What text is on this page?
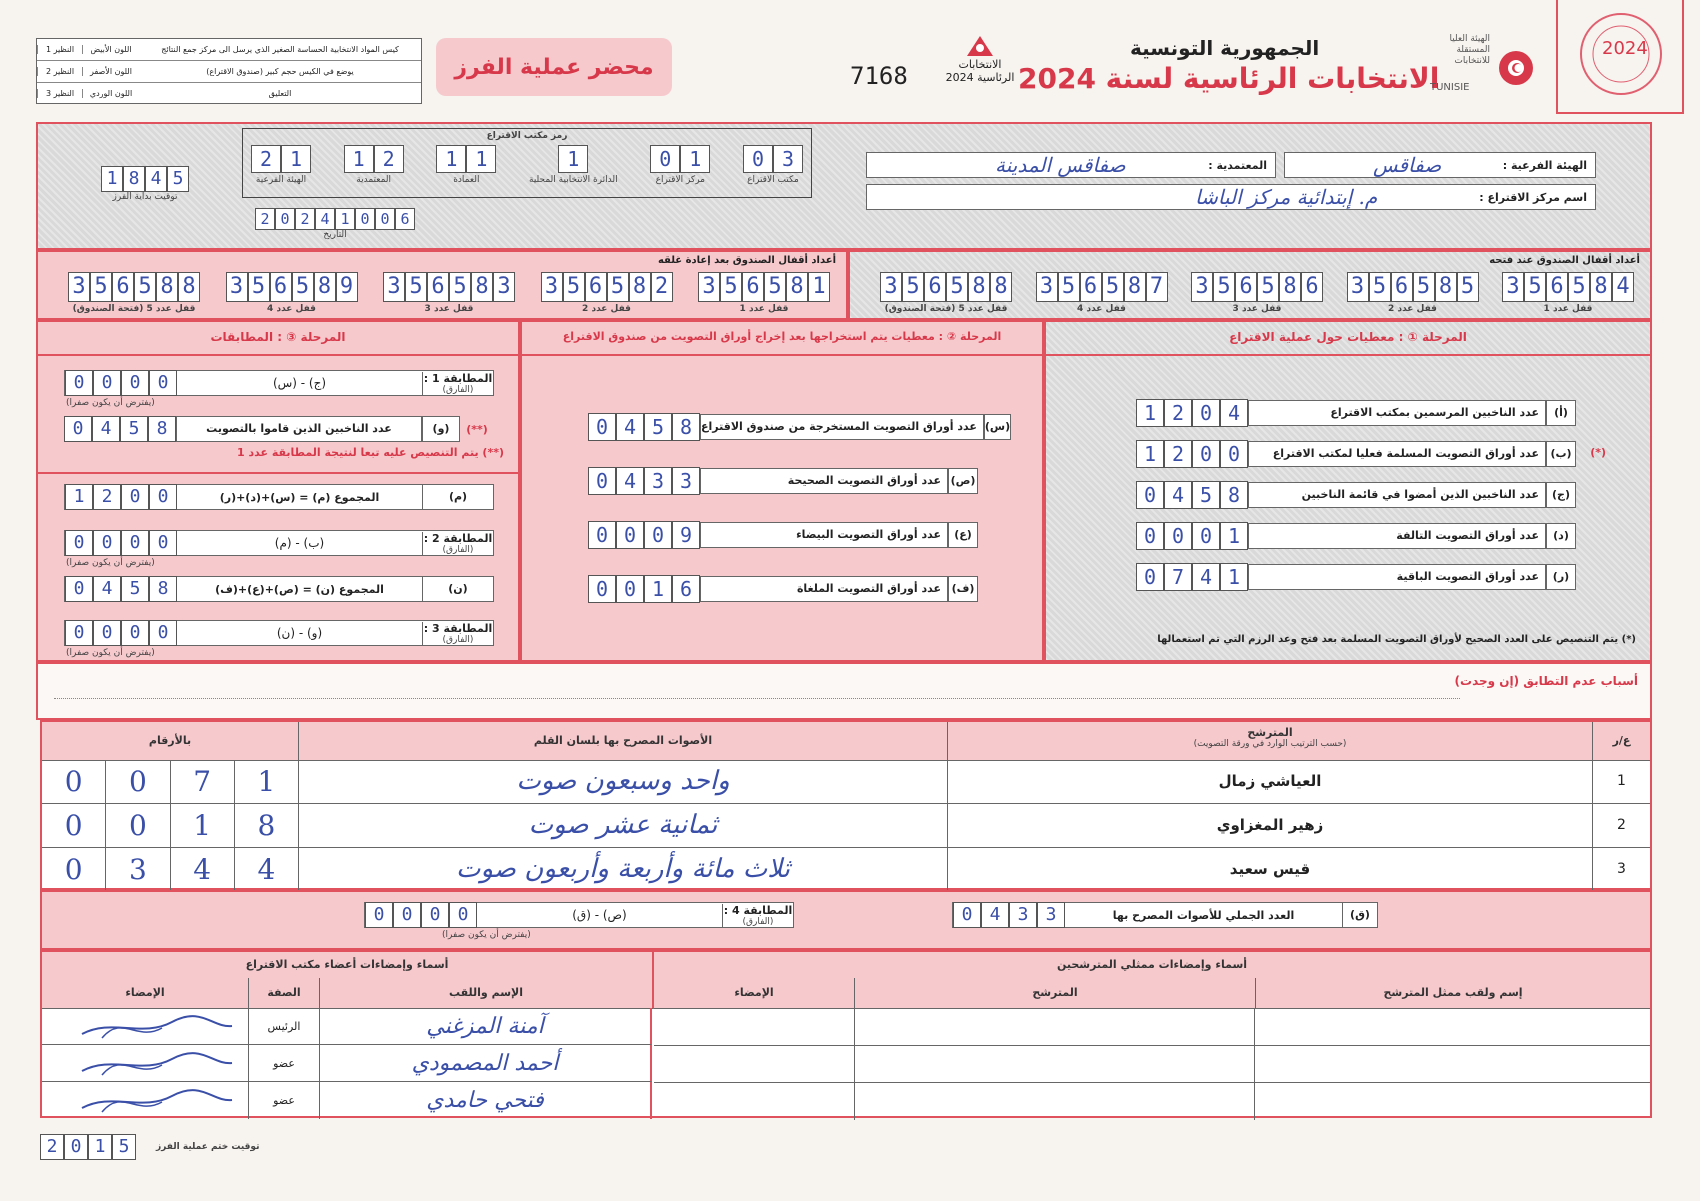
النظير 1	اللون الأبيض	كيس المواد الانتخابية الحساسة الصغير الذي يرسل الى مركز جمع النتائج
النظير 2	اللون الأصفر	يوضع في الكيس حجم كبير (صندوق الاقتراع)
النظير 3	اللون الوردي	التعليق
محضر عملية الفرز	7168	الانتخابات الرئاسية 2024
الجمهورية التونسية
الانتخابات الرئاسية لسنة 2024
الهيئة العليا المستقلة للانتخابات
TUNISIE
2024
صفاقس	الهيئة الفرعية :
صفاقس المدينة	المعتمدية :
م. إبتدائية مركز الباشا	اسم مركز الاقتراع :
رمز مكتب الاقتراع
0 3
مكتب الاقتراع
0 1
مركز الاقتراع
1
الدائرة الانتخابية المحلية
1 1
العمادة
1 2
المعتمدية
2 1
الهيئة الفرعية
2 0 2 4 1 0 0 6
التاريخ
1 8 4 5
توقيت بداية الفرز
أعداد أقفال الصندوق بعد إعادة غلقه
3 5 6 5 8 1
قفل عدد 1
3 5 6 5 8 2
قفل عدد 2
3 5 6 5 8 3
قفل عدد 3
3 5 6 5 8 9
قفل عدد 4
3 5 6 5 8 8
قفل عدد 5 (فتحة الصندوق)
أعداد أقفال الصندوق عند فتحه
3 5 6 5 8 4
قفل عدد 1
3 5 6 5 8 5
قفل عدد 2
3 5 6 5 8 6
قفل عدد 3
3 5 6 5 8 7
قفل عدد 4
3 5 6 5 8 8
قفل عدد 5 (فتحة الصندوق)
المرحلة ① : معطيات حول عملية الاقتراع
1 2 0 4	عدد الناخبين المرسمين بمكتب الاقتراع	(أ)
1 2 0 0	عدد أوراق التصويت المسلمة فعليا لمكتب الاقتراع	(ب)	(*)
0 4 5 8	عدد الناخبين الذين أمضوا في قائمة الناخبين	(ج)
0 0 0 1	عدد أوراق التصويت التالفة	(د)
0 7 4 1	عدد أوراق التصويت الباقية	(ر)
(*) يتم التنصيص على العدد الصحيح لأوراق التصويت المسلمة بعد فتح وعد الرزم التي تم استعمالها
المرحلة ② : معطيات يتم استخراجها بعد إخراج أوراق التصويت من صندوق الاقتراع
0 4 5 8 عدد أوراق التصويت المستخرجة من صندوق الاقتراع (س)
0 4 3 3	عدد أوراق التصويت الصحيحة (ص)
0 0 0 9	عدد أوراق التصويت البيضاء	(ع)
0 0 1 6	عدد أوراق التصويت الملغاة (ف)
المرحلة ③ : المطابقات
0 0 0 0	(ج) - (س)	المطابقة 1 :
(الفارق)
(يفترض أن يكون صفرا)
0 4 5 8	عدد الناخبين الذين قاموا بالتصويت	(و)	(**)
(**) يتم التنصيص عليه تبعا لنتيجة المطابقة عدد 1
1 2 0 0	المجموع (م) = (س)+(د)+(ر)	(م)
0 0 0 0	(ب) - (م)	المطابقة 2 :
(الفارق)
(يفترض أن يكون صفرا)
0 4 5 8	المجموع (ن) = (ص)+(ع)+(ف)	(ن)
0 0 0 0	(و) - (ن)	المطابقة 3 :
(الفارق)
(يفترض أن يكون صفرا)
أسباب عدم التطابق (إن وجدت)
بالأرقام	الأصوات المصرح بها بلسان القلم
المترشح
(حسب الترتيب الوارد في ورقة التصويت)	ع/ر
0	0	7	1	واحد وسبعون صوت	العياشي زمال	1
0	0	1	8	ثمانية عشر صوت	زهير المغزاوي	2
0	3	4	4	ثلاث مائة وأربعة وأربعون صوت	قيس سعيد	3
0 4 3 3	العدد الجملي للأصوات المصرح بها	(ق)
0 0 0 0	(ص) - (ق)	المطابقة 4 :
(الفارق)
(يفترض أن يكون صفرا)
أسماء وإمضاءات أعضاء مكتب الاقتراع
الإمضاء	الصفة	الإسم واللقب
الرئيس	آمنة المزغني
عضو	أحمد المصمودي
عضو	فتحي حامدي
أسماء وإمضاءات ممثلي المترشحين
الإمضاء	المترشح	إسم ولقب ممثل المترشح
2 0 1 5	توقيت ختم عملية الفرز
